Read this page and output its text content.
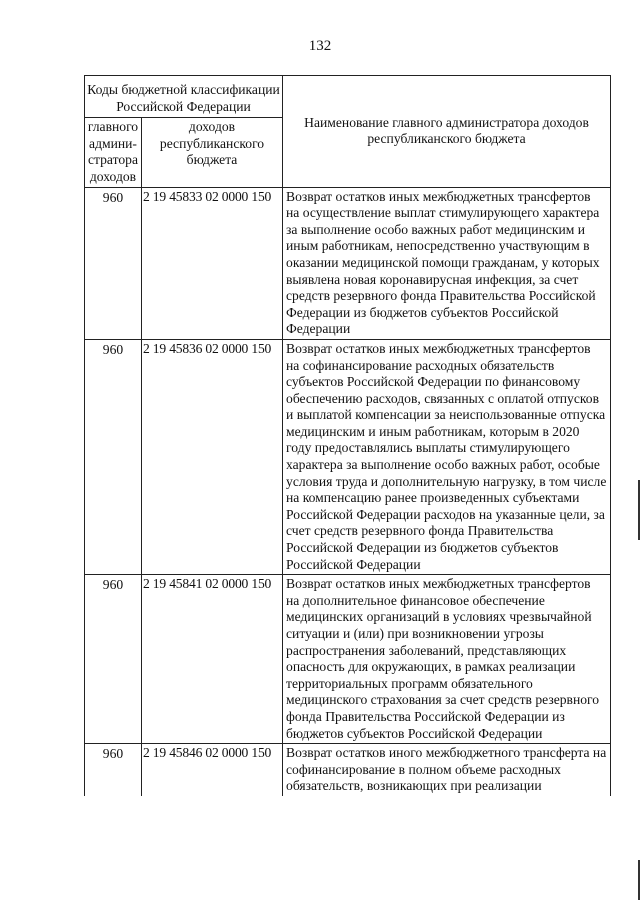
132
Коды бюджетной классификации Российской Федерации		Наименование главного администратора доходов республиканского бюджета
главного админи-стратора доходов	доходов республиканского бюджета	
960	2 19 45833 02 0000 150	Возврат остатков иных межбюджетных трансфертов на осуществление выплат стимулирующего характера за выполнение особо важных работ медицинским и иным работникам, непосредственно участвующим в оказании медицинской помощи гражданам, у которых выявлена новая коронавирусная инфекция, за счет средств резервного фонда Правительства Российской Федерации из бюджетов субъектов Российской Федерации
960	2 19 45836 02 0000 150	Возврат остатков иных межбюджетных трансфертов на софинансирование расходных обязательств субъектов Российской Федерации по финансовому обеспечению расходов, связанных с оплатой отпусков и выплатой компенсации за неиспользованные отпуска медицинским и иным работникам, которым в 2020 году предоставлялись выплаты стимулирующего характера за выполнение особо важных работ, особые условия труда и дополнительную нагрузку, в том числе на компенсацию ранее произведенных субъектами Российской Федерации расходов на указанные цели, за счет средств резервного фонда Правительства Российской Федерации из бюджетов субъектов Российской Федерации
960	2 19 45841 02 0000 150	Возврат остатков иных межбюджетных трансфертов на дополнительное финансовое обеспечение медицинских организаций в условиях чрезвычайной ситуации и (или) при возникновении угрозы распространения заболеваний, представляющих опасность для окружающих, в рамках реализации территориальных программ обязательного медицинского страхования за счет средств резервного фонда Правительства Российской Федерации из бюджетов субъектов Российской Федерации
960	2 19 45846 02 0000 150	Возврат остатков иного межбюджетного трансферта на софинансирование в полном объеме расходных обязательств, возникающих при реализации
